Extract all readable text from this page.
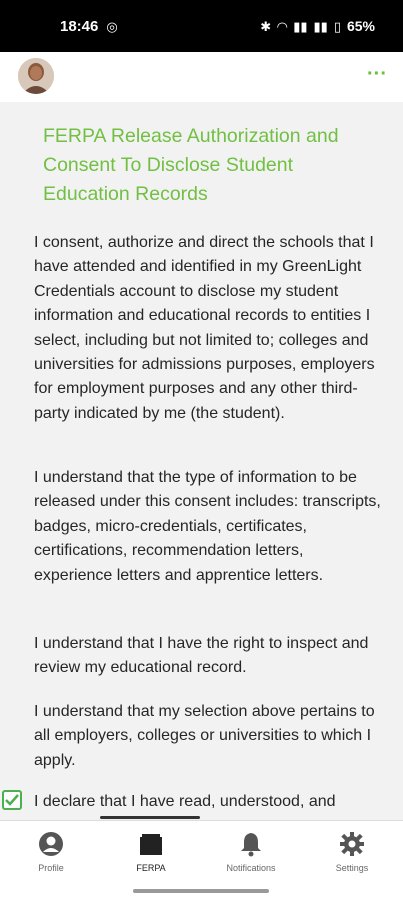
18:46 ◎	✱ ◠ ▮▮ ▮▮ ▯ 65%
···
FERPA Release Authorization and Consent To Disclose Student Education Records

I consent, authorize and direct the schools that I have attended and identified in my GreenLight Credentials account to disclose my student information and educational records to entities I select, including but not limited to; colleges and universities for admissions purposes, employers for employment purposes and any other third-party indicated by me (the student).

I understand that the type of information to be released under this consent includes: transcripts, badges, micro-credentials, certificates, certifications, recommendation letters, experience letters and apprentice letters.

I understand that I have the right to inspect and review my educational record.

I understand that my selection above pertains to all employers, colleges or universities to which I apply.

I declare that I have read, understood, and
Profile	FERPA	Notifications	Settings
